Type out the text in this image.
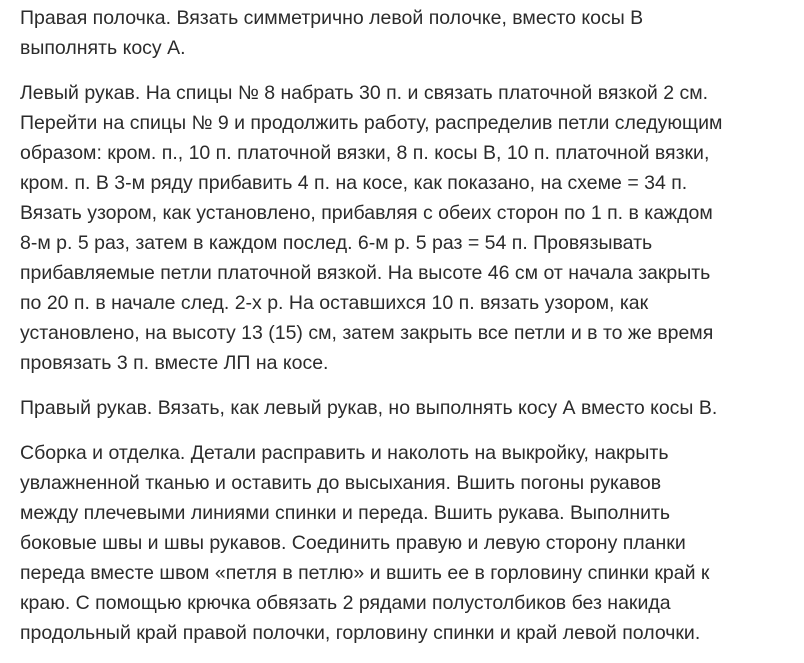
Правая полочка. Вязать симметрично левой полочке, вместо косы В
выполнять косу А.

Левый рукав. На спицы № 8 набрать 30 п. и связать платочной вязкой 2 см.
Перейти на спицы № 9 и продолжить работу, распределив петли следующим
образом: кром. п., 10 п. платочной вязки, 8 п. косы В, 10 п. платочной вязки,
кром. п. В 3-м ряду прибавить 4 п. на косе, как показано, на схеме = 34 п.
Вязать узором, как установлено, прибавляя с обеих сторон по 1 п. в каждом
8-м р. 5 раз, затем в каждом послед. 6-м р. 5 раз = 54 п. Провязывать
прибавляемые петли платочной вязкой. На высоте 46 см от начала закрыть
по 20 п. в начале след. 2-х р. На оставшихся 10 п. вязать узором, как
установлено, на высоту 13 (15) см, затем закрыть все петли и в то же время
провязать 3 п. вместе ЛП на косе.

Правый рукав. Вязать, как левый рукав, но выполнять косу А вместо косы В.

Сборка и отделка. Детали расправить и наколоть на выкройку, накрыть
увлажненной тканью и оставить до высыхания. Вшить погоны рукавов
между плечевыми линиями спинки и переда. Вшить рукава. Выполнить
боковые швы и швы рукавов. Соединить правую и левую сторону планки
переда вместе швом «петля в петлю» и вшить ее в горловину спинки край к
краю. С помощью крючка обвязать 2 рядами полустолбиков без накида
продольный край правой полочки, горловину спинки и край левой полочки.
